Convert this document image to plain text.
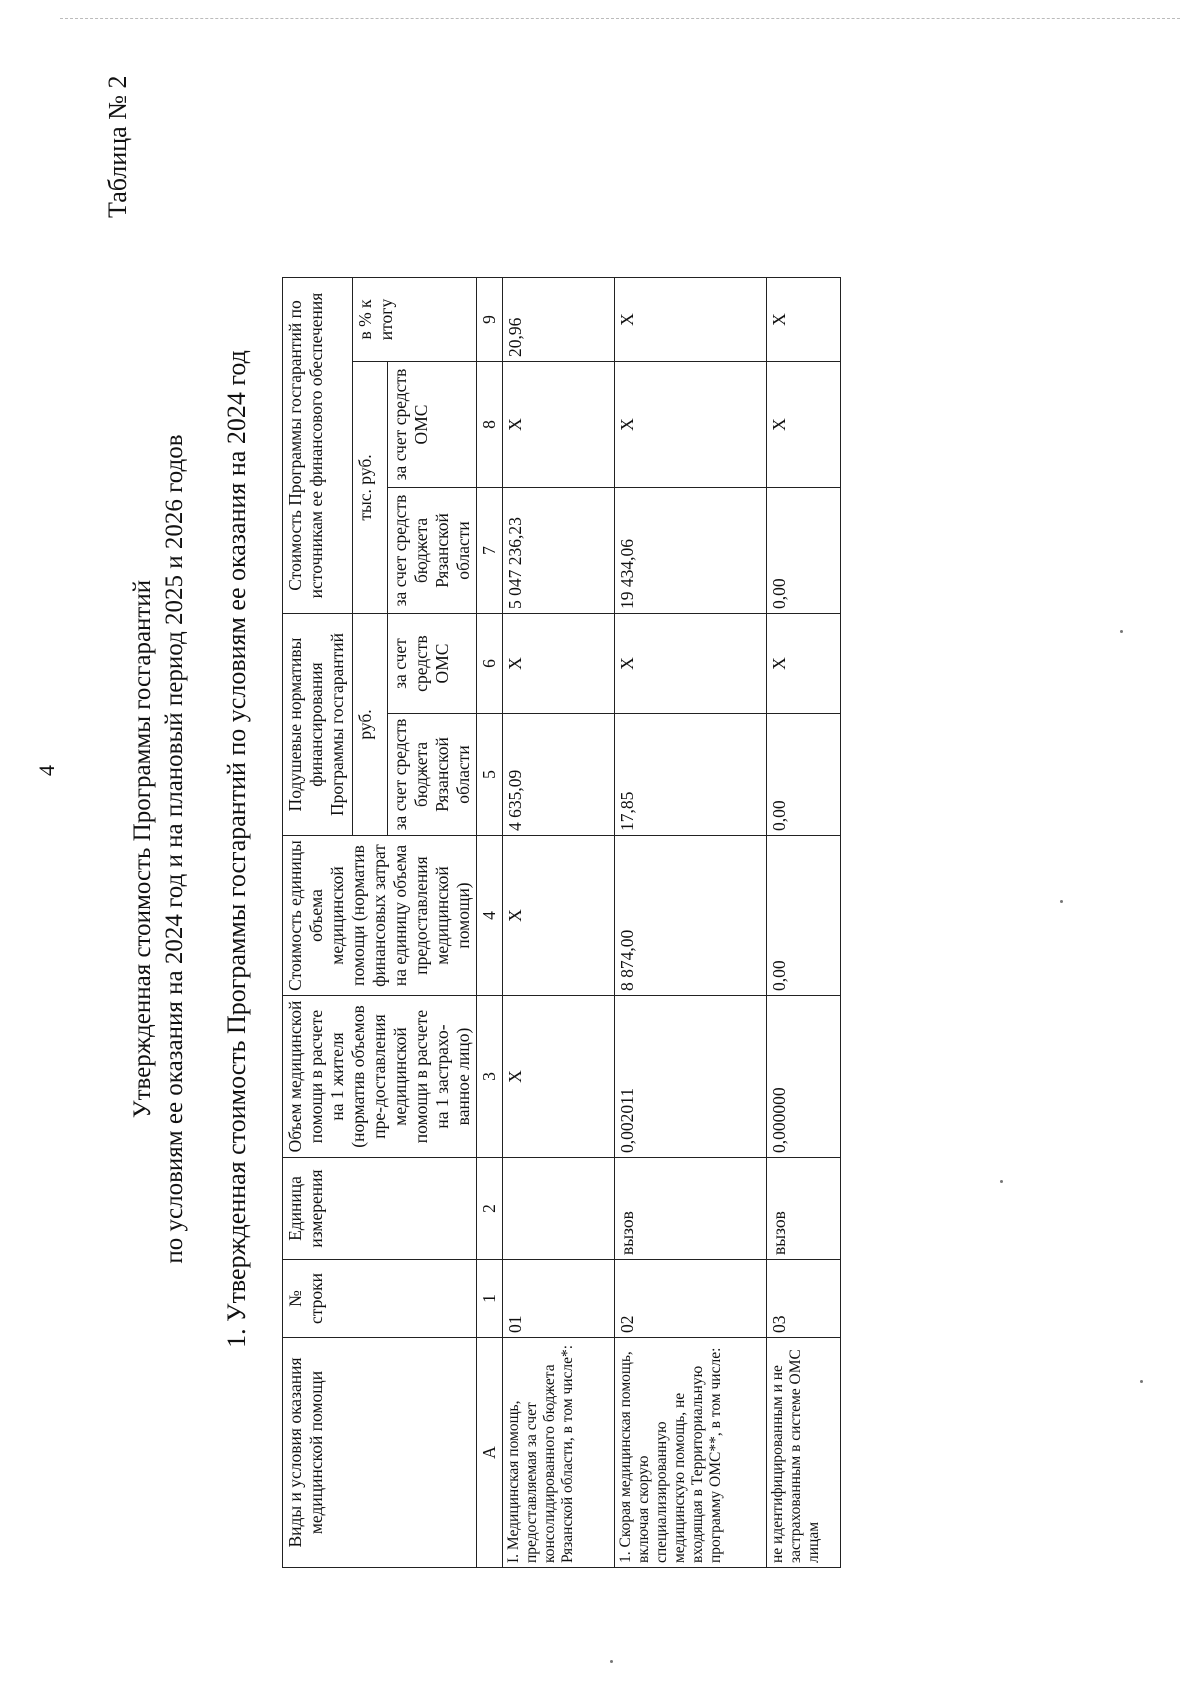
4
Таблица № 2
Утвержденная стоимость Программы госгарантий по условиям ее оказания на 2024 год и на плановый период 2025 и 2026 годов 1. Утвержденная стоимость Программы госгарантий по условиям ее оказания на 2024 год
Виды и условия оказания медицинской помощи	№ строки	Единица измерения	Объем медицинской помощи в расчете на 1 жителя (норматив объемов пре-доставления медицинской помощи в расчете на 1 застрахо-ванное лицо)	Стоимость единицы объема медицинской помощи (норматив финансовых затрат на единицу объема предоставления медицинской помощи)	Подушевые нормативы финансирования Программы госгарантий		Стоимость Программы госгарантий по источникам ее финансового обеспечения		
					руб.		тыс. руб.		в % к итогу
					за счет средств бюджета Рязанской области	за счет средств ОМС	за счет средств бюджета Рязанской области	за счет средств ОМС	
А	1	2	3	4	5	6	7	8	9
I. Медицинская помощь, предоставляемая за счет консолидированного бюджета Рязанской области, в том числе*:	01		Х	Х	4 635,09	Х	5 047 236,23	Х	20,96
1. Скорая медицинская помощь, включая скорую специализированную медицинскую помощь, не входящая в Территориальную программу ОМС**, в том числе:	02	вызов	0,002011	8 874,00	17,85	Х	19 434,06	Х	Х
не идентифицированным и не застрахованным в системе ОМС лицам	03	вызов	0,000000	0,00	0,00	Х	0,00	Х	Х
